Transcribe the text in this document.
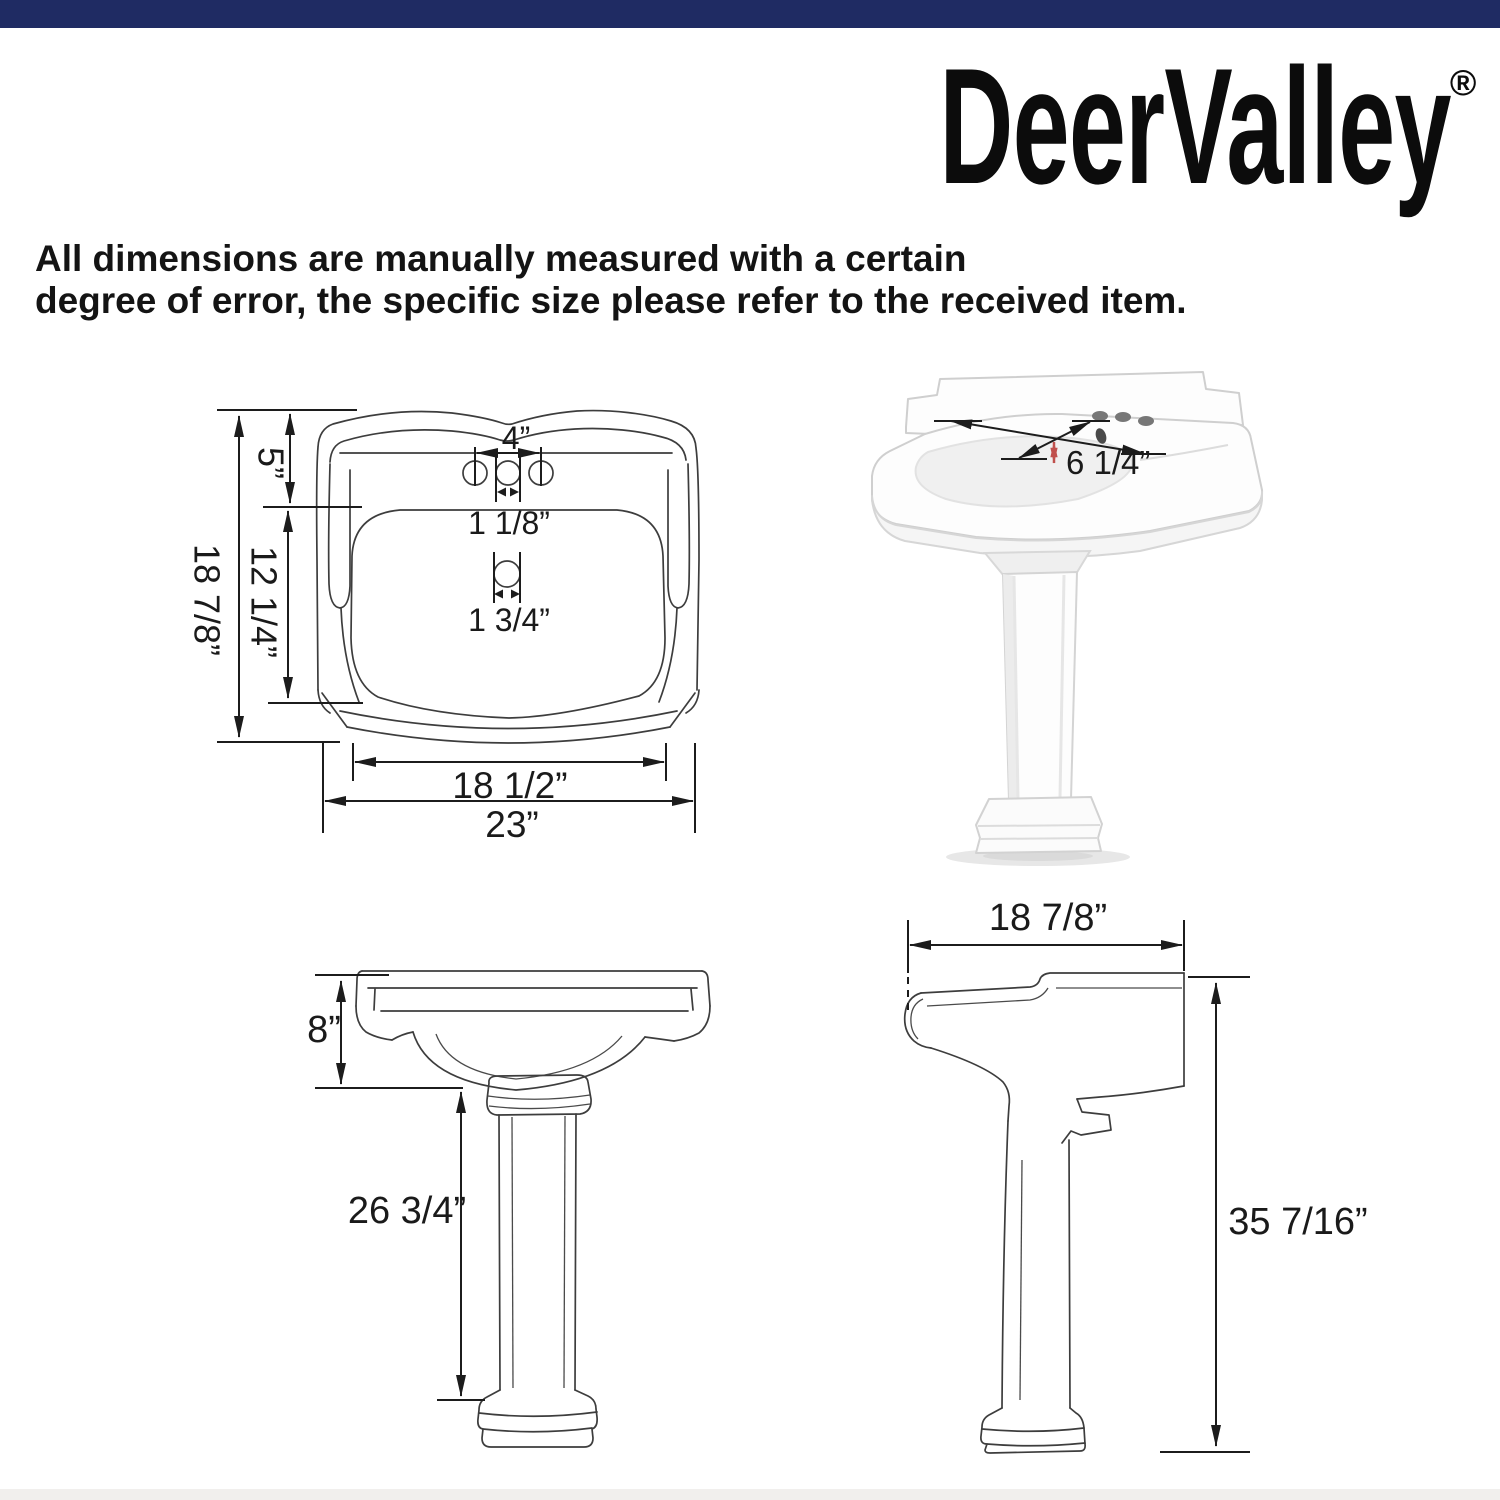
DeerValley®
All dimensions are manually measured with a certain
degree of error, the specific size please refer to the received item.
4”
1 1/8”
1 3/4”
18 7/8”
5”
12 1/4”
18 1/2”
23”
6 1/4”
8”
26 3/4”
18 7/8”
35 7/16”
